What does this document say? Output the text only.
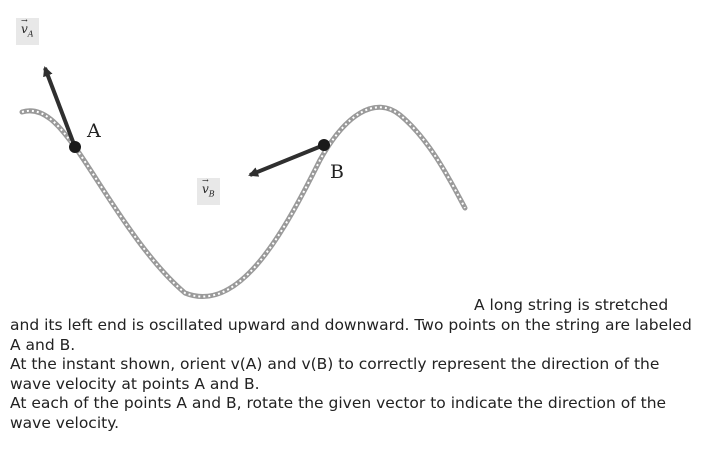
→ $v_A$
→ $v_B$
A
B
A long string is stretched

and its left end is oscillated upward and downward. Two points on the string are labeled A and B.

At the instant shown, orient v(A) and v(B) to correctly represent the direction of the wave velocity at points A and B.

At each of the points A and B, rotate the given vector to indicate the direction of the wave velocity.
